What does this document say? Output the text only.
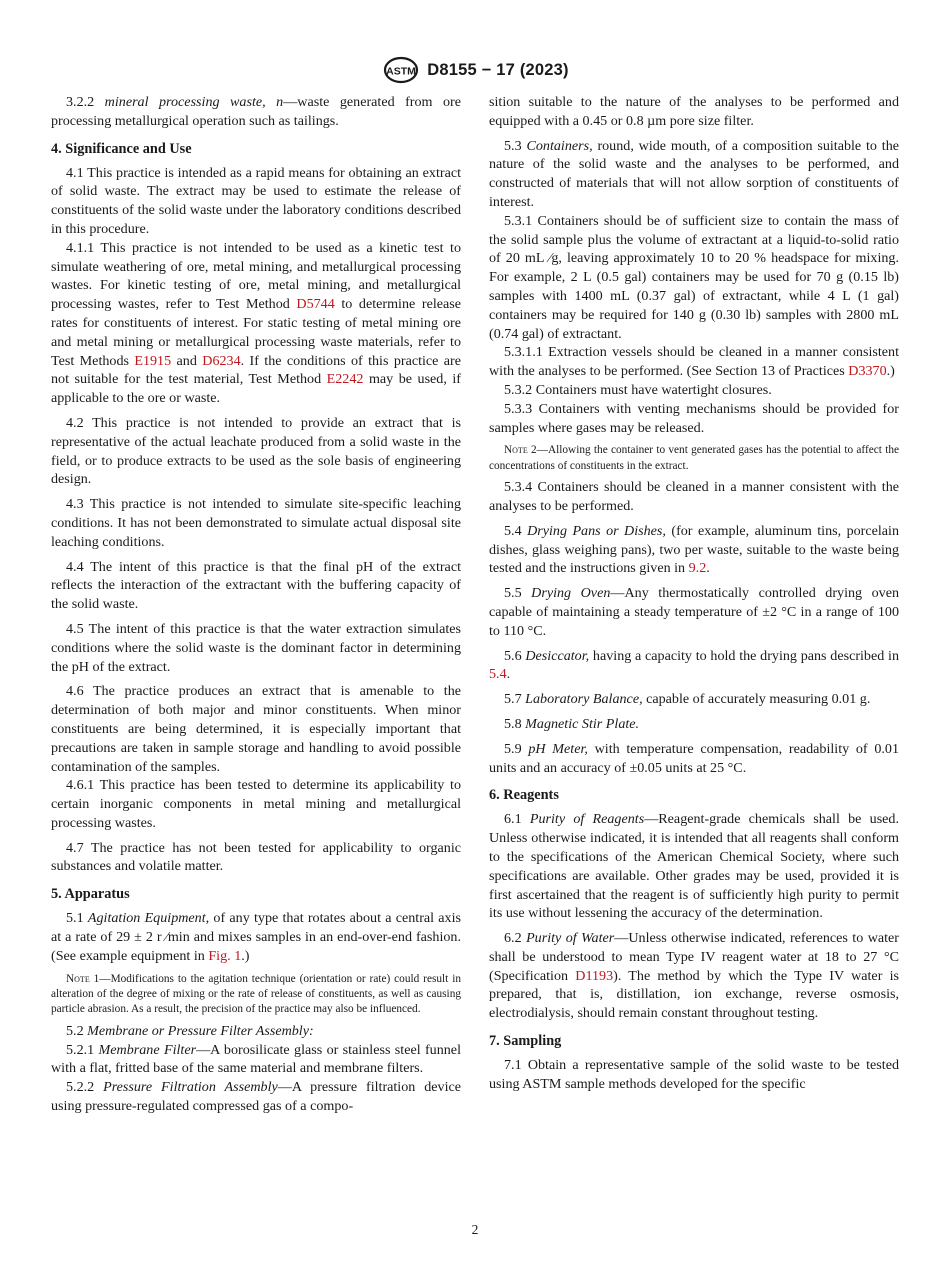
ASTM D8155 − 17 (2023)

3.2.2 mineral processing waste, n—waste generated from ore processing metallurgical operation such as tailings.

4. Significance and Use

4.1 This practice is intended as a rapid means for obtaining an extract of solid waste. The extract may be used to estimate the release of constituents of the solid waste under the laboratory conditions described in this procedure.

4.1.1 This practice is not intended to be used as a kinetic test to simulate weathering of ore, metal mining, and metallurgical processing wastes. For kinetic testing of ore, metal mining, and metallurgical processing wastes, refer to Test Method D5744 to determine release rates for constituents of interest. For static testing of metal mining ore and metal mining or metallurgical processing waste materials, refer to Test Methods E1915 and D6234. If the conditions of this practice are not suitable for the test material, Test Method E2242 may be used, if applicable to the ore or waste.

4.2 This practice is not intended to provide an extract that is representative of the actual leachate produced from a solid waste in the field, or to produce extracts to be used as the sole basis of engineering design.

4.3 This practice is not intended to simulate site-specific leaching conditions. It has not been demonstrated to simulate actual disposal site leaching conditions.

4.4 The intent of this practice is that the final pH of the extract reflects the interaction of the extractant with the buffering capacity of the solid waste.

4.5 The intent of this practice is that the water extraction simulates conditions where the solid waste is the dominant factor in determining the pH of the extract.

4.6 The practice produces an extract that is amenable to the determination of both major and minor constituents. When minor constituents are being determined, it is especially important that precautions are taken in sample storage and handling to avoid possible contamination of the samples.

4.6.1 This practice has been tested to determine its applicability to certain inorganic components in metal mining and metallurgical processing wastes.

4.7 The practice has not been tested for applicability to organic substances and volatile matter.

5. Apparatus

5.1 Agitation Equipment, of any type that rotates about a central axis at a rate of 29 ± 2 r ⁄min and mixes samples in an end-over-end fashion. (See example equipment in Fig. 1.)

Note 1—Modifications to the agitation technique (orientation or rate) could result in alteration of the degree of mixing or the rate of release of constituents, as well as causing particle abrasion. As a result, the precision of the practice may also be influenced.

5.2 Membrane or Pressure Filter Assembly:

5.2.1 Membrane Filter—A borosilicate glass or stainless steel funnel with a flat, fritted base of the same material and membrane filters.

5.2.2 Pressure Filtration Assembly—A pressure filtration device using pressure-regulated compressed gas of a compo-

sition suitable to the nature of the analyses to be performed and equipped with a 0.45 or 0.8 µm pore size filter.

5.3 Containers, round, wide mouth, of a composition suitable to the nature of the solid waste and the analyses to be performed, and constructed of materials that will not allow sorption of constituents of interest.

5.3.1 Containers should be of sufficient size to contain the mass of the solid sample plus the volume of extractant at a liquid-to-solid ratio of 20 mL ⁄g, leaving approximately 10 to 20 % headspace for mixing. For example, 2 L (0.5 gal) containers may be used for 70 g (0.15 lb) samples with 1400 mL (0.37 gal) of extractant, while 4 L (1 gal) containers may be required for 140 g (0.30 lb) samples with 2800 mL (0.74 gal) of extractant.

5.3.1.1 Extraction vessels should be cleaned in a manner consistent with the analyses to be performed. (See Section 13 of Practices D3370.)

5.3.2 Containers must have watertight closures.

5.3.3 Containers with venting mechanisms should be provided for samples where gases may be released.

Note 2—Allowing the container to vent generated gases has the potential to affect the concentrations of constituents in the extract.

5.3.4 Containers should be cleaned in a manner consistent with the analyses to be performed.

5.4 Drying Pans or Dishes, (for example, aluminum tins, porcelain dishes, glass weighing pans), two per waste, suitable to the waste being tested and the instructions given in 9.2.

5.5 Drying Oven—Any thermostatically controlled drying oven capable of maintaining a steady temperature of ±2 °C in a range of 100 to 110 °C.

5.6 Desiccator, having a capacity to hold the drying pans described in 5.4.

5.7 Laboratory Balance, capable of accurately measuring 0.01 g.

5.8 Magnetic Stir Plate.

5.9 pH Meter, with temperature compensation, readability of 0.01 units and an accuracy of ±0.05 units at 25 °C.

6. Reagents

6.1 Purity of Reagents—Reagent-grade chemicals shall be used. Unless otherwise indicated, it is intended that all reagents shall conform to the specifications of the American Chemical Society, where such specifications are available. Other grades may be used, provided it is first ascertained that the reagent is of sufficiently high purity to permit its use without lessening the accuracy of the determination.

6.2 Purity of Water—Unless otherwise indicated, references to water shall be understood to mean Type IV reagent water at 18 to 27 °C (Specification D1193). The method by which the Type IV water is prepared, that is, distillation, ion exchange, reverse osmosis, electrodialysis, should remain constant throughout testing.

7. Sampling

7.1 Obtain a representative sample of the solid waste to be tested using ASTM sample methods developed for the specific

2
